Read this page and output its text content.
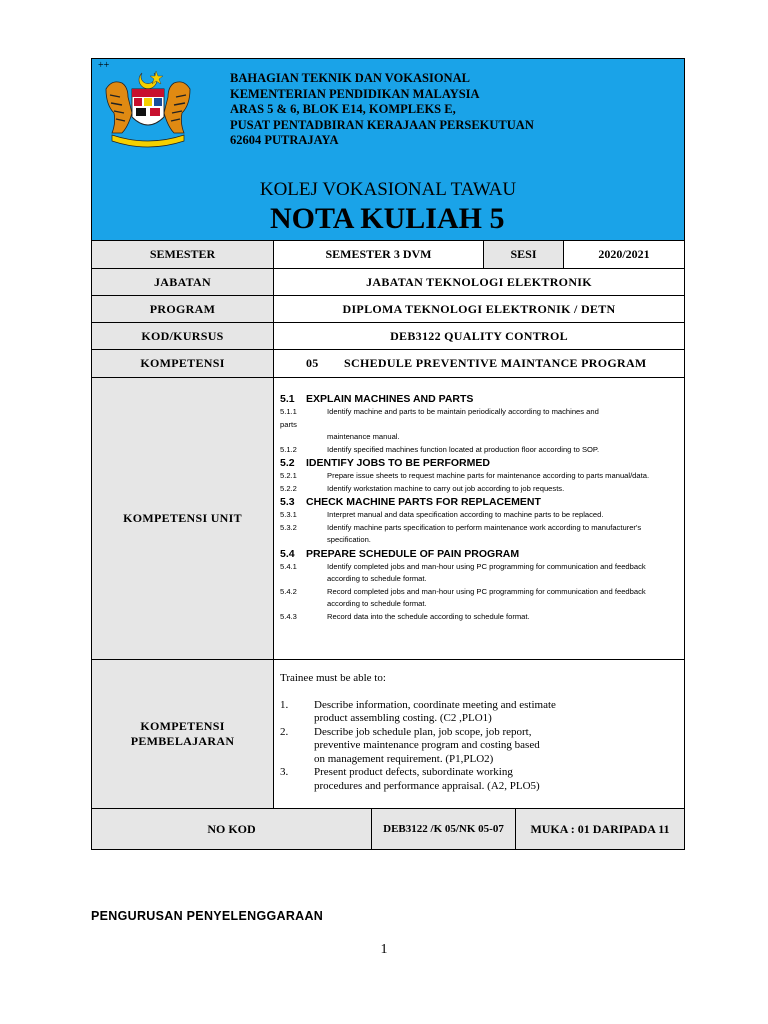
++
BAHAGIAN TEKNIK DAN VOKASIONAL
KEMENTERIAN PENDIDIKAN MALAYSIA
ARAS 5 & 6, BLOK E14, KOMPLEKS E,
PUSAT PENTADBIRAN KERAJAAN PERSEKUTUAN
62604 PUTRAJAYA
KOLEJ VOKASIONAL TAWAU
NOTA KULIAH 5
SEMESTER	SEMESTER 3 DVM	SESI	2020/2021
JABATAN	JABATAN TEKNOLOGI ELEKTRONIK
PROGRAM	DIPLOMA TEKNOLOGI ELEKTRONIK / DETN
KOD/KURSUS	DEB3122 QUALITY CONTROL
KOMPETENSI	05	SCHEDULE PREVENTIVE MAINTANCE PROGRAM
KOMPETENSI UNIT
5.1 EXPLAIN MACHINES AND PARTS
5.1.1	Identify machine and parts to be maintain periodically according to machines and
parts
maintenance manual.
5.1.2	Identify specified machines function located at production floor according to SOP.
5.2 IDENTIFY JOBS TO BE PERFORMED
5.2.1	Prepare issue sheets to request machine parts for maintenance according to parts manual/data.
5.2.2	Identify workstation machine to carry out job according to job requests.
5.3 CHECK MACHINE PARTS FOR REPLACEMENT
5.3.1	Interpret manual and data specification according to machine parts to be replaced.
5.3.2	Identify machine parts specification to perform maintenance work according to manufacturer's specification.
5.4 PREPARE SCHEDULE OF PAIN PROGRAM
5.4.1	Identify completed jobs and man-hour using PC programming for communication and feedback according to schedule format.
5.4.2	Record completed jobs and man-hour using PC programming for communication and feedback according to schedule format.
5.4.3	Record data into the schedule according to schedule format.
KOMPETENSI
PEMBELAJARAN
Trainee must be able to:
1.	Describe information, coordinate meeting and estimate
product assembling costing. (C2 ,PLO1)
2.	Describe job schedule plan, job scope, job report,
preventive maintenance program and costing based
on management requirement. (P1,PLO2)
3.	Present product defects, subordinate working
procedures and performance appraisal. (A2, PLO5)
NO KOD	DEB3122 /K 05/NK 05-07	MUKA : 01 DARIPADA 11
PENGURUSAN PENYELENGGARAAN
1
